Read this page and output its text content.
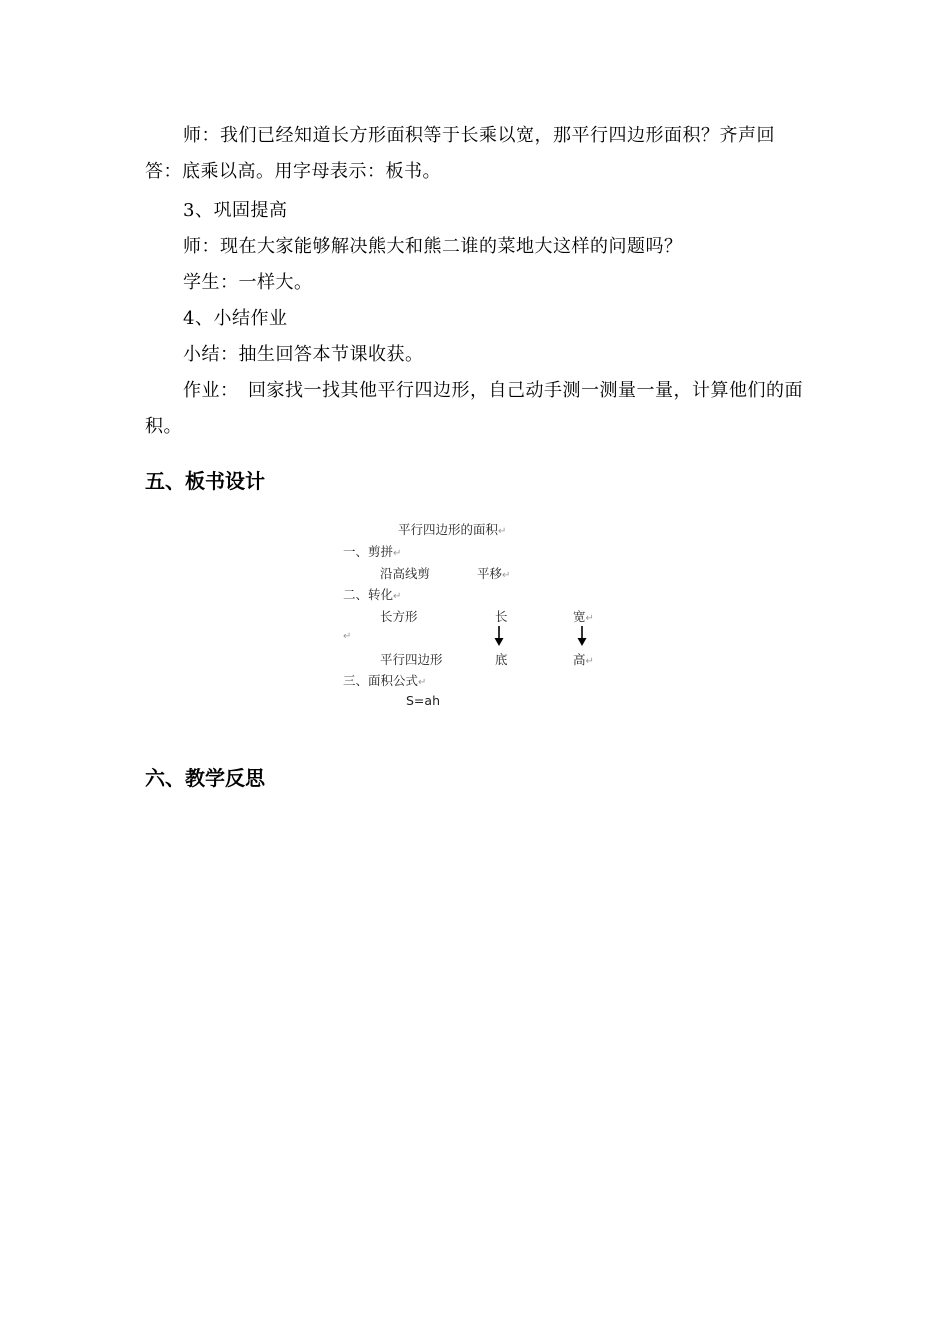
师：我们已经知道长方形面积等于长乘以宽，那平行四边形面积？齐声回答：底乘以高。用字母表示：板书。
3、巩固提高
师：现在大家能够解决熊大和熊二谁的菜地大这样的问题吗？
学生：一样大。
4、小结作业
小结：抽生回答本节课收获。
作业：　回家找一找其他平行四边形，自己动手测一测量一量，计算他们的面积。
五、板书设计
平行四边形的面积↵
一、剪拼↵
沿高线剪	平移↵
二、转化↵
长方形	长	宽↵
↵
平行四边形	底	高↵
三、面积公式↵
S=ah
六、教学反思
